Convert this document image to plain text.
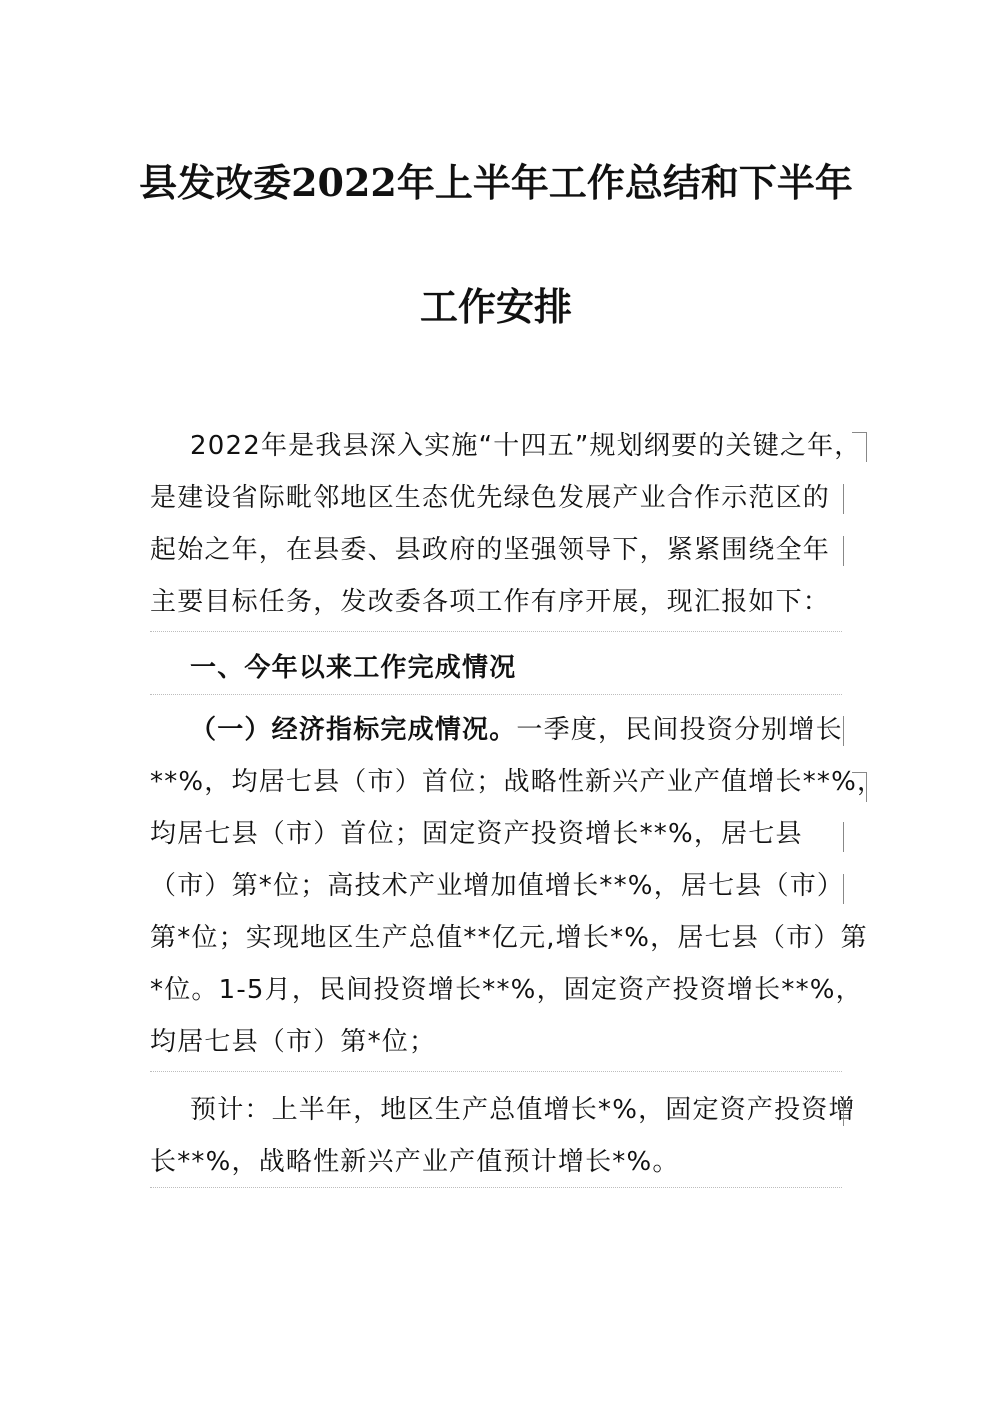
县发改委2022年上半年工作总结和下半年
工作安排
2022年是我县深入实施“十四五”规划纲要的关键之年，
是建设省际毗邻地区生态优先绿色发展产业合作示范区的
起始之年，在县委、县政府的坚强领导下，紧紧围绕全年
主要目标任务，发改委各项工作有序开展，现汇报如下：
一、今年以来工作完成情况
（一）经济指标完成情况。一季度，民间投资分别增长
**%，均居七县（市）首位；战略性新兴产业产值增长**%，
均居七县（市）首位；固定资产投资增长**%，居七县
（市）第*位；高技术产业增加值增长**%，居七县（市）
第*位；实现地区生产总值**亿元,增长*%，居七县（市）第
*位。1-5月，民间投资增长**%，固定资产投资增长**%，
均居七县（市）第*位；
预计：上半年，地区生产总值增长*%，固定资产投资增
长**%，战略性新兴产业产值预计增长*%。
